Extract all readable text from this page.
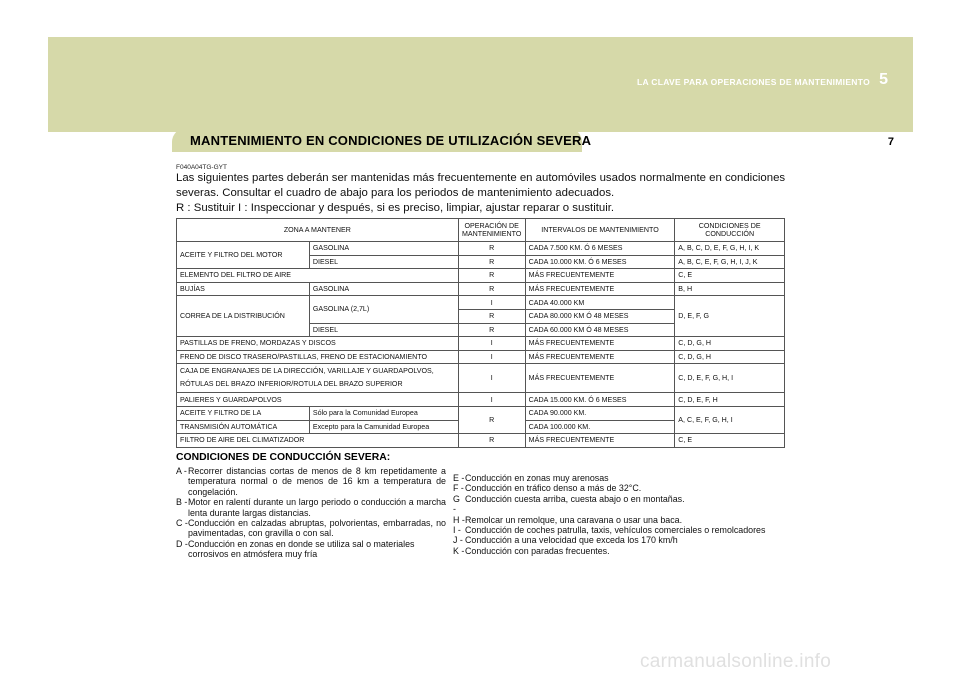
LA CLAVE PARA OPERACIONES DE MANTENIMIENTO 5
7
MANTENIMIENTO EN CONDICIONES DE UTILIZACIÓN SEVERA
F040A04TG-GYT
Las siguientes partes deberán ser mantenidas más frecuentemente en automóviles usados normalmente en condiciones severas. Consultar el cuadro de abajo para los periodos de mantenimiento adecuados.
R : Sustituir I : Inspeccionar y después, si es preciso, limpiar, ajustar reparar o sustituir.
ZONA A MANTENER		OPERACIÓN DE MANTENIMIENTO	INTERVALOS DE MANTENIMIENTO	CONDICIONES DE CONDUCCIÓN
ACEITE Y FILTRO DEL MOTOR	GASOLINA	R	CADA 7.500 KM. Ó 6 MESES	A, B, C, D, E, F, G, H, I, K
	DIESEL	R	CADA 10.000 KM. Ó 6 MESES	A, B, C, E, F, G, H, I, J, K
ELEMENTO DEL FILTRO DE AIRE		R	MÁS FRECUENTEMENTE	C, E
BUJÍAS	GASOLINA	R	MÁS FRECUENTEMENTE	B, H
CORREA DE LA DISTRIBUCIÓN	GASOLINA (2,7L)	I	CADA 40.000 KM	D, E, F, G
		R	CADA 80.000 KM Ó 48 MESES	
	DIESEL	R	CADA 60.000 KM Ó 48 MESES	
PASTILLAS DE FRENO, MORDAZAS Y DISCOS		I	MÁS FRECUENTEMENTE	C, D, G, H
FRENO DE DISCO TRASERO/PASTILLAS, FRENO DE ESTACIONAMIENTO		I	MÁS FRECUENTEMENTE	C, D, G, H

CAJA DE ENGRANAJES DE LA DIRECCIÓN, VARILLAJE Y GUARDAPOLVOS,
RÓTULAS DEL BRAZO INFERIOR/ROTULA DEL BRAZO SUPERIOR		I	MÁS FRECUENTEMENTE	C, D, E, F, G, H, I
PALIERES Y GUARDAPOLVOS		I	CADA 15.000 KM. Ó 6 MESES	C, D, E, F, H
ACEITE Y FILTRO DE LA	Sólo para la Comunidad Europea	R	CADA 90.000 KM.	A, C, E, F, G, H, I
TRANSMISIÓN AUTOMÁTICA	Excepto para la Camunidad Europea		CADA 100.000 KM.	
FILTRO DE AIRE DEL CLIMATIZADOR		R	MÁS FRECUENTEMENTE	C, E
CONDICIONES DE CONDUCCIÓN SEVERA:
A - Recorrer distancias cortas de menos de 8 km repetidamente a temperatura normal o de menos de 16 km a temperatura de congelación.
B - Motor en ralentí durante un largo periodo o conducción a marcha lenta durante largas distancias.
C - Conducción en calzadas abruptas, polvorientas, embarradas, no pavimentadas, con gravilla o con sal.
D - Conducción en zonas en donde se utiliza sal o materiales corrosivos en atmósfera muy fría
E - Conducción en zonas muy arenosas
F - Conducción en tráfico denso a más de 32°C.
G -
Conducción cuesta arriba, cuesta abajo o en montañas.
H - Remolcar un remolque, una caravana o usar una baca.
I - Conducción de coches patrulla, taxis, vehículos comerciales o remolcadores
J - Conducción a una velocidad que exceda los 170 km/h
K - Conducción con paradas frecuentes.
carmanualsonline.info
